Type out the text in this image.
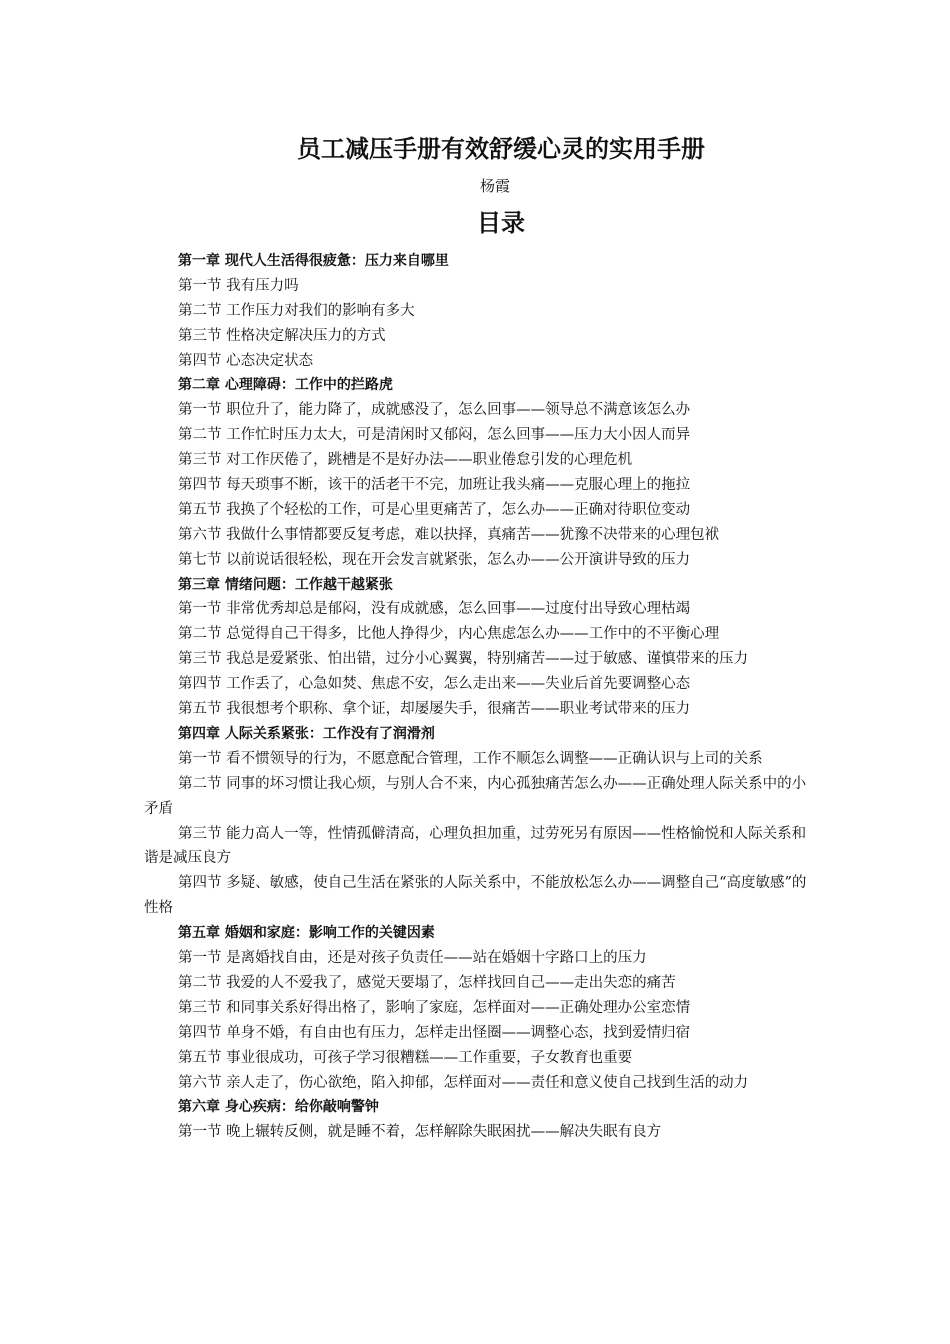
员工减压手册有效舒缓心灵的实用手册
杨霞
目录
第一章 现代人生活得很疲惫：压力来自哪里
第一节 我有压力吗
第二节 工作压力对我们的影响有多大
第三节 性格决定解决压力的方式
第四节 心态决定状态
第二章 心理障碍：工作中的拦路虎
第一节 职位升了，能力降了，成就感没了，怎么回事——领导总不满意该怎么办
第二节 工作忙时压力太大，可是清闲时又郁闷，怎么回事——压力大小因人而异
第三节 对工作厌倦了，跳槽是不是好办法——职业倦怠引发的心理危机
第四节 每天琐事不断，该干的活老干不完，加班让我头痛——克服心理上的拖拉
第五节 我换了个轻松的工作，可是心里更痛苦了，怎么办——正确对待职位变动
第六节 我做什么事情都要反复考虑，难以抉择，真痛苦——犹豫不决带来的心理包袱
第七节 以前说话很轻松，现在开会发言就紧张，怎么办——公开演讲导致的压力
第三章 情绪问题：工作越干越紧张
第一节 非常优秀却总是郁闷，没有成就感，怎么回事——过度付出导致心理枯竭
第二节 总觉得自己干得多，比他人挣得少，内心焦虑怎么办——工作中的不平衡心理
第三节 我总是爱紧张、怕出错，过分小心翼翼，特别痛苦——过于敏感、谨慎带来的压力
第四节 工作丢了，心急如焚、焦虑不安，怎么走出来——失业后首先要调整心态
第五节 我很想考个职称、拿个证，却屡屡失手，很痛苦——职业考试带来的压力
第四章 人际关系紧张：工作没有了润滑剂
第一节 看不惯领导的行为，不愿意配合管理，工作不顺怎么调整——正确认识与上司的关系
第二节 同事的坏习惯让我心烦，与别人合不来，内心孤独痛苦怎么办——正确处理人际关系中的小矛盾
第三节 能力高人一等，性情孤僻清高，心理负担加重，过劳死另有原因——性格愉悦和人际关系和谐是减压良方
第四节 多疑、敏感，使自己生活在紧张的人际关系中，不能放松怎么办——调整自己“高度敏感”的性格
第五章 婚姻和家庭：影响工作的关键因素
第一节 是离婚找自由，还是对孩子负责任——站在婚姻十字路口上的压力
第二节 我爱的人不爱我了，感觉天要塌了，怎样找回自己——走出失恋的痛苦
第三节 和同事关系好得出格了，影响了家庭，怎样面对——正确处理办公室恋情
第四节 单身不婚，有自由也有压力，怎样走出怪圈——调整心态，找到爱情归宿
第五节 事业很成功，可孩子学习很糟糕——工作重要，子女教育也重要
第六节 亲人走了，伤心欲绝，陷入抑郁，怎样面对——责任和意义使自己找到生活的动力
第六章 身心疾病：给你敲响警钟
第一节 晚上辗转反侧，就是睡不着，怎样解除失眠困扰——解决失眠有良方
